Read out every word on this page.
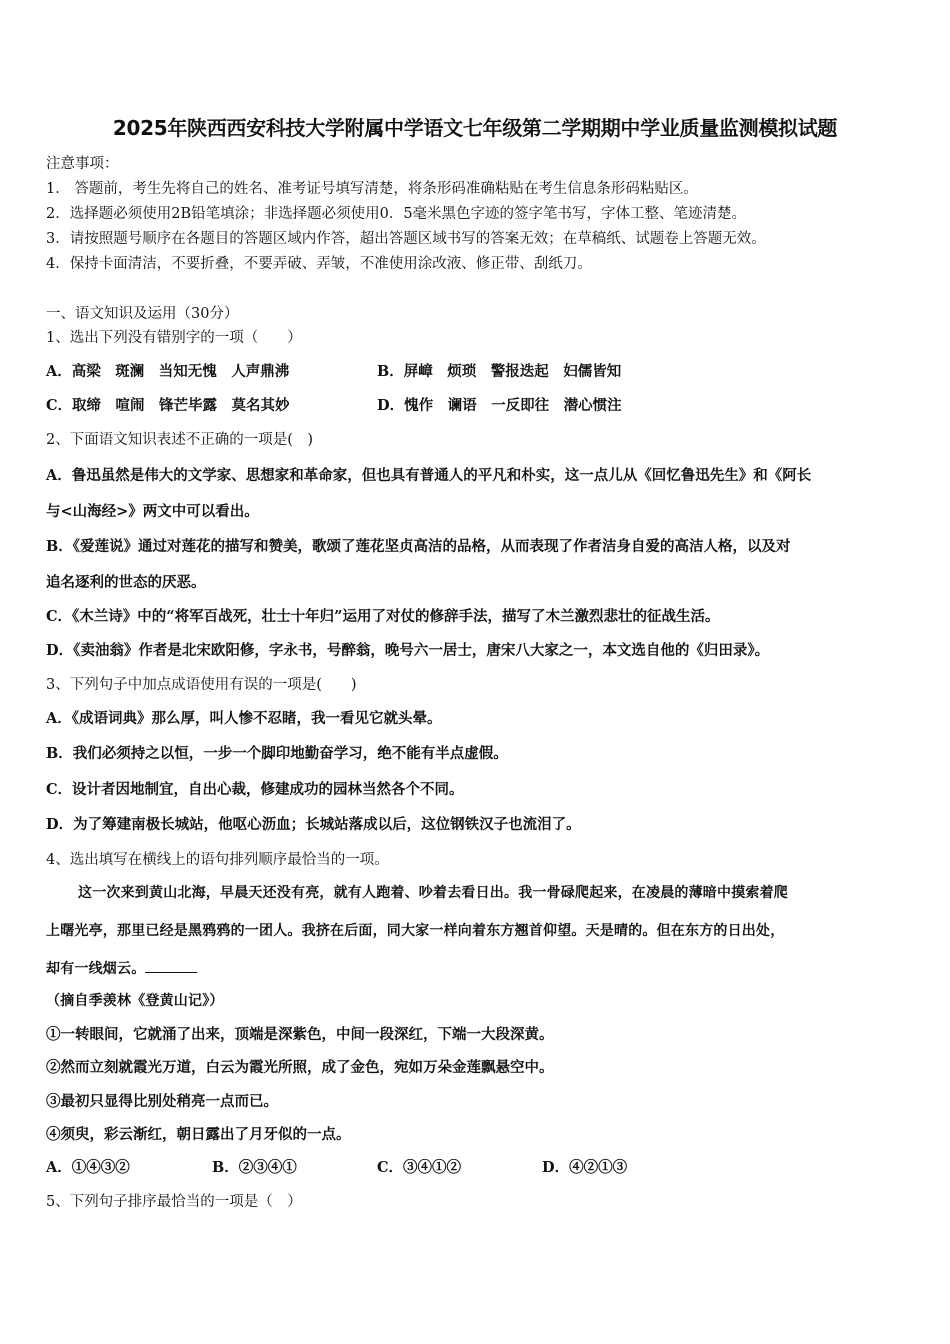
2025年陕西西安科技大学附属中学语文七年级第二学期期中学业质量监测模拟试题
注意事项：
1． 答题前，考生先将自己的姓名、准考证号填写清楚，将条形码准确粘贴在考生信息条形码粘贴区。
2．选择题必须使用2B铅笔填涂；非选择题必须使用0．5毫米黑色字迹的签字笔书写，字体工整、笔迹清楚。
3．请按照题号顺序在各题目的答题区域内作答，超出答题区域书写的答案无效；在草稿纸、试题卷上答题无效。
4．保持卡面清洁，不要折叠，不要弄破、弄皱，不准使用涂改液、修正带、刮纸刀。
一、语文知识及运用（30分）
1、选出下列没有错别字的一项（　　）
A．高梁　斑澜　当知无愧　人声鼎沸	B．屏嶂　烦琐　警报迭起　妇儒皆知
C．取缔　喧闹　锋芒毕露　莫名其妙	D．愧作　谰语　一反即往　潜心惯注
2、下面语文知识表述不正确的一项是(　)
A．鲁迅虽然是伟大的文学家、思想家和革命家，但也具有普通人的平凡和朴实，这一点儿从《回忆鲁迅先生》和《阿长
与<山海经>》两文中可以看出。
B．《爱莲说》通过对莲花的描写和赞美，歌颂了莲花坚贞高洁的品格，从而表现了作者洁身自爱的高洁人格，以及对
追名逐利的世态的厌恶。
C．《木兰诗》中的“将军百战死，壮士十年归”运用了对仗的修辞手法，描写了木兰激烈悲壮的征战生活。
D．《卖油翁》作者是北宋欧阳修，字永书，号醉翁，晚号六一居士，唐宋八大家之一，本文选自他的《归田录》。
3、下列句子中加点成语使用有误的一项是(　　)
A．《成语词典》那么厚，叫人惨不忍睹，我一看见它就头晕。
B．我们必须持之以恒，一步一个脚印地勤奋学习，绝不能有半点虚假。
C．设计者因地制宜，自出心裁，修建成功的园林当然各个不同。
D．为了筹建南极长城站，他呕心沥血；长城站落成以后，这位钢铁汉子也流泪了。
4、选出填写在横线上的语句排列顺序最恰当的一项。
这一次来到黄山北海，早晨天还没有亮，就有人跑着、吵着去看日出。我一骨碌爬起来，在凌晨的薄暗中摸索着爬
上曙光亭，那里已经是黑鸦鸦的一团人。我挤在后面，同大家一样向着东方翘首仰望。天是晴的。但在东方的日出处，
却有一线烟云。
（摘自季羡林《登黄山记》）
①一转眼间，它就涌了出来，顶端是深紫色，中间一段深红，下端一大段深黄。
②然而立刻就霞光万道，白云为霞光所照，成了金色，宛如万朵金莲飘悬空中。
③最初只显得比别处稍亮一点而已。
④须臾，彩云渐红，朝日露出了月牙似的一点。
A．①④③②	B．②③④①	C．③④①②	D．④②①③
5、下列句子排序最恰当的一项是（　）
